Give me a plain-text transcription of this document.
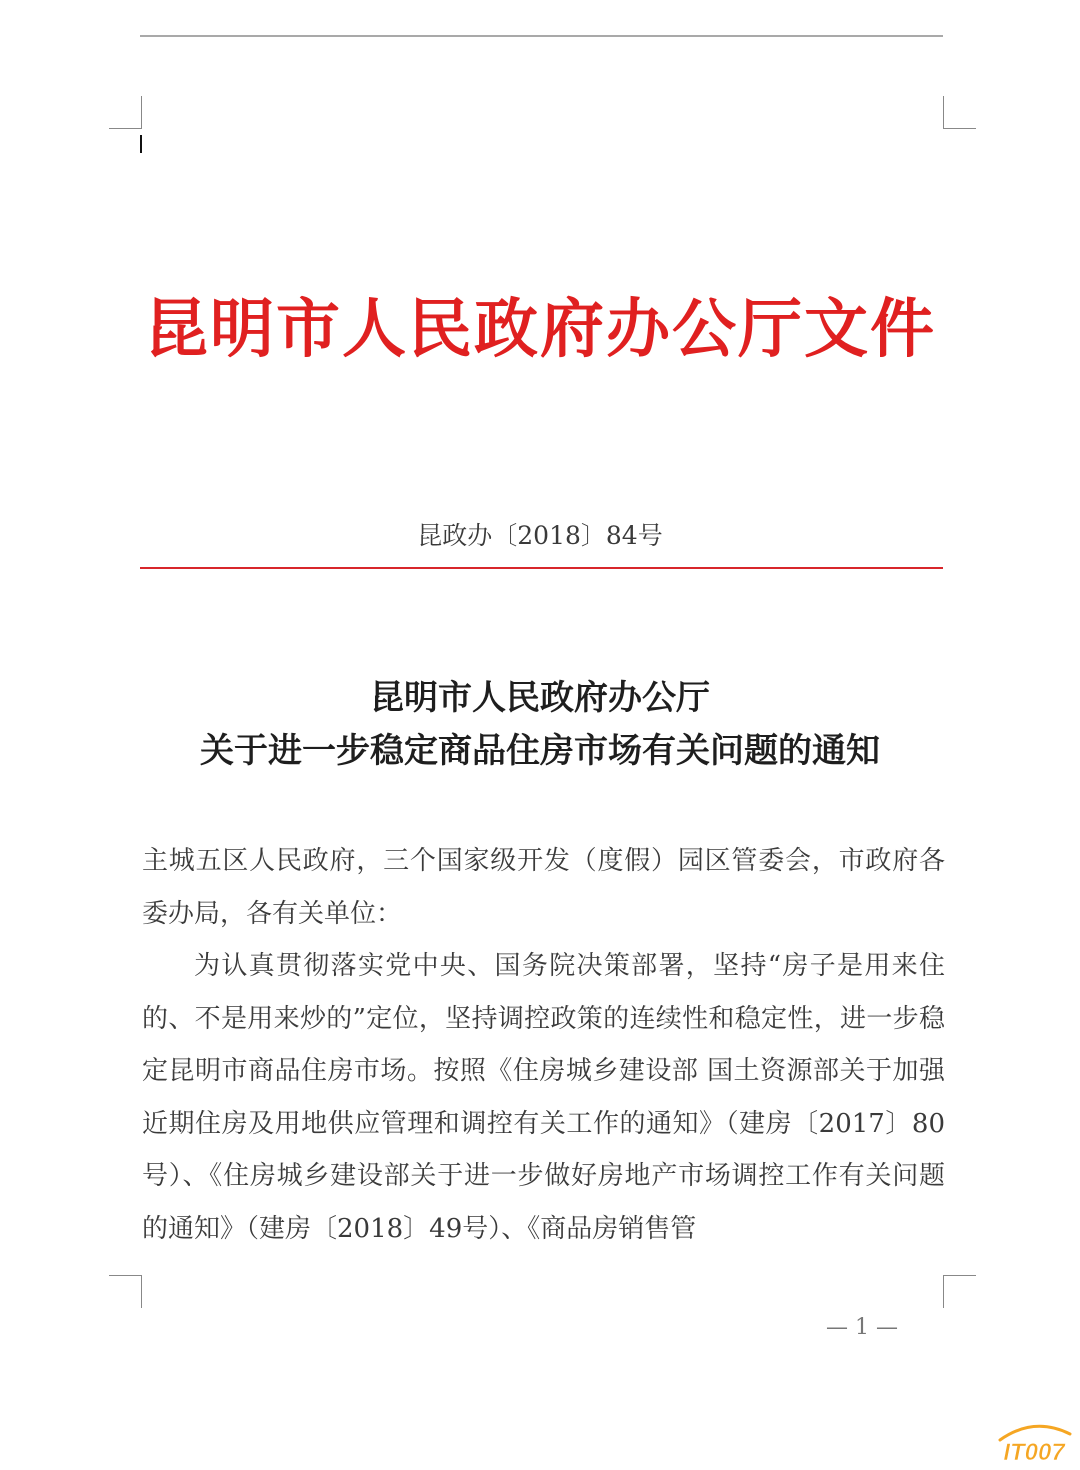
昆明市人民政府办公厅文件
昆政办〔2018〕84号
昆明市人民政府办公厅
关于进一步稳定商品住房市场有关问题的通知

主城五区人民政府，三个国家级开发（度假）园区管委会，市政府各委办局，各有关单位：

为认真贯彻落实党中央、国务院决策部署，坚持“房子是用来住的、不是用来炒的”定位，坚持调控政策的连续性和稳定性，进一步稳定昆明市商品住房市场。按照《住房城乡建设部 国土资源部关于加强近期住房及用地供应管理和调控有关工作的通知》（建房〔2017〕80号）、《住房城乡建设部关于进一步做好房地产市场调控工作有关问题的通知》（建房〔2018〕49号）、《商品房销售管

— 1 —
IT007
